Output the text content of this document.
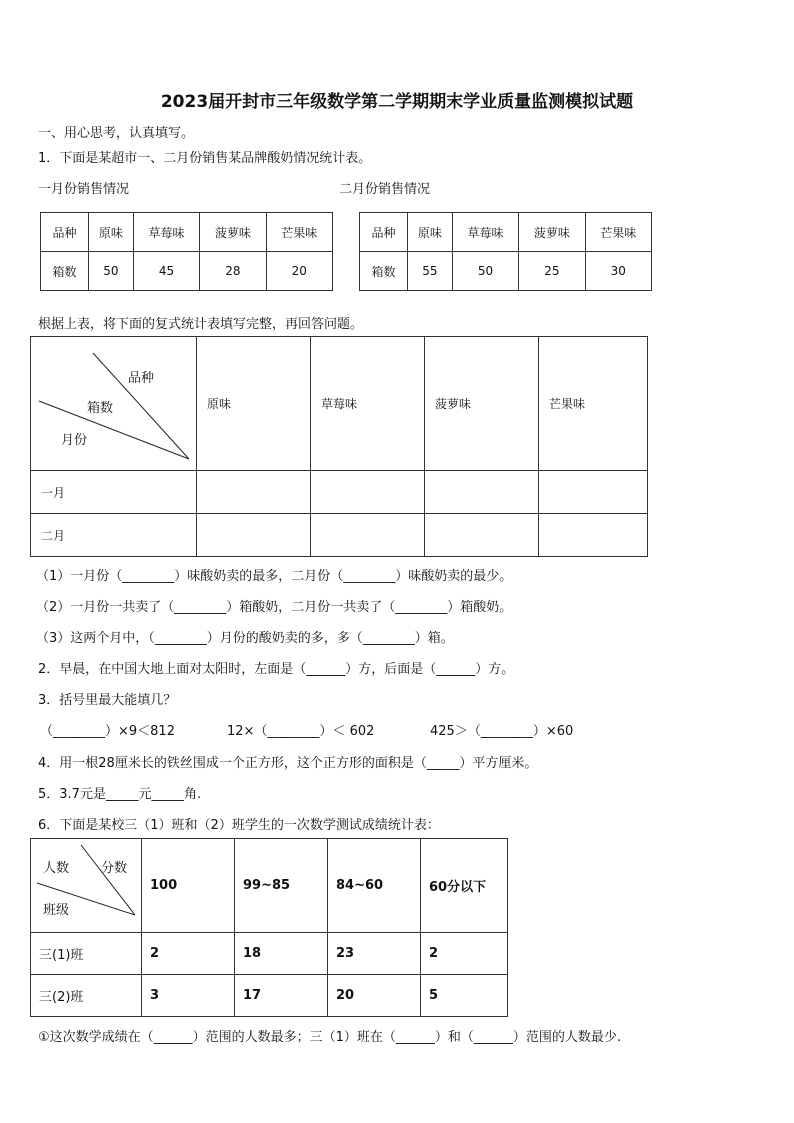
2023届开封市三年级数学第二学期期末学业质量监测模拟试题
一、用心思考，认真填写。
1．下面是某超市一、二月份销售某品牌酸奶情况统计表。
一月份销售情况	二月份销售情况
品种	原味	草莓味	菠萝味	芒果味
箱数	50	45	28	20
品种	原味	草莓味	菠萝味	芒果味
箱数	55	50	25	30
根据上表，将下面的复式统计表填写完整，再回答问题。
品种
箱数
月份	原味	草莓味	菠萝味	芒果味
一月				
二月				
（1）一月份（________）味酸奶卖的最多，二月份（________）味酸奶卖的最少。
（2）一月份一共卖了（________）箱酸奶，二月份一共卖了（________）箱酸奶。
（3）这两个月中，（________）月份的酸奶卖的多，多（________）箱。
2．早晨，在中国大地上面对太阳时，左面是（______）方，后面是（______）方。
3．括号里最大能填几？
（________）×9＜812	12×（________）＜ 602	425＞（________）×60
4．用一根28厘米长的铁丝围成一个正方形，这个正方形的面积是（_____）平方厘米。
5．3.7元是_____元_____角.
6．下面是某校三（1）班和（2）班学生的一次数学测试成绩统计表：
人数 分数
班级	100	99~85	84~60	60分以下
三(1)班	2	18	23	2
三(2)班	3	17	20	5
①这次数学成绩在（______）范围的人数最多；三（1）班在（______）和（______）范围的人数最少.
